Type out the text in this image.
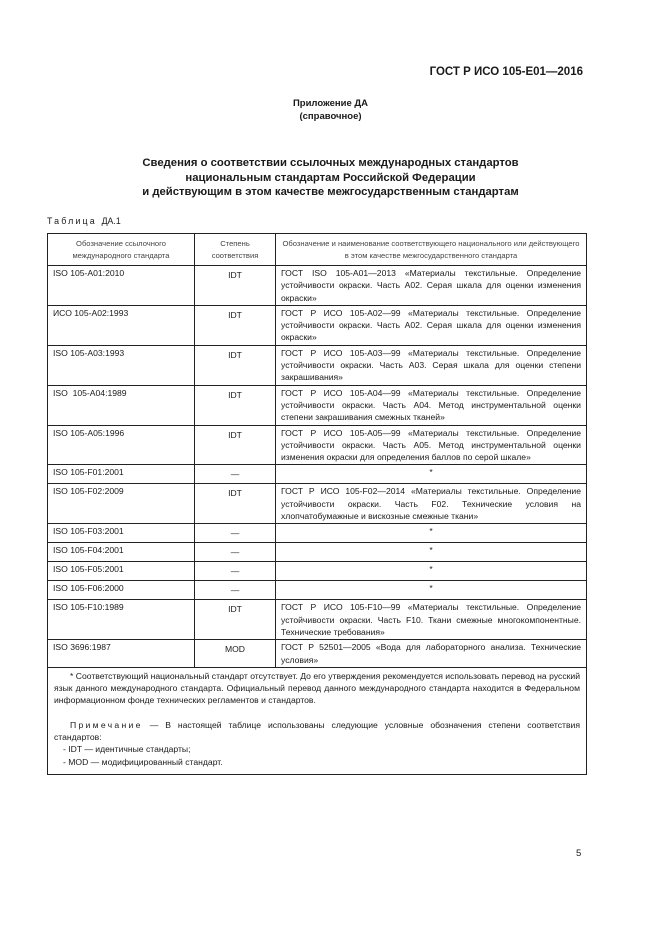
ГОСТ Р ИСО 105-E01—2016
Приложение ДА
(справочное)
Сведения о соответствии ссылочных международных стандартов
национальным стандартам Российской Федерации
и действующим в этом качестве межгосударственным стандартам
Таблица ДА.1
Обозначение ссылочного международного стандарта	Степень соответствия	Обозначение и наименование соответствующего национального или действующего в этом качестве межгосударственного стандарта
ISO 105-A01:2010	IDT	ГОСТ ISO 105-A01—2013 «Материалы текстильные. Определение устойчивости окраски. Часть A02. Серая шкала для оценки изменения окраски»
ИСО 105-A02:1993	IDT	ГОСТ Р ИСО 105-A02—99 «Материалы текстильные. Определение устойчивости окраски. Часть A02. Серая шкала для оценки изменения окраски»
ISO 105-A03:1993	IDT	ГОСТ Р ИСО 105-A03—99 «Материалы текстильные. Определение устойчивости окраски. Часть A03. Серая шкала для оценки степени закрашивания»
ISO  105-A04:1989	IDT	ГОСТ Р ИСО 105-A04—99 «Материалы текстильные. Определение устойчивости окраски. Часть A04. Метод инструментальной оценки степени закрашивания смежных тканей»
ISO 105-A05:1996	IDT	ГОСТ Р ИСО 105-A05—99 «Материалы текстильные. Определение устойчивости окраски. Часть A05. Метод инструментальной оценки изменения окраски для определения баллов по серой шкале»
ISO 105-F01:2001	—	*
ISO 105-F02:2009	IDT	ГОСТ Р ИСО 105-F02—2014 «Материалы текстильные. Определение устойчивости окраски. Часть F02. Технические условия на хлопчатобумажные и вискозные смежные ткани»
ISO 105-F03:2001	—	*
ISO 105-F04:2001	—	*
ISO 105-F05:2001	—	*
ISO 105-F06:2000	—	*
ISO 105-F10:1989	IDT	ГОСТ Р ИСО 105-F10—99 «Материалы текстильные. Определение устойчивости окраски. Часть F10. Ткани смежные многокомпонентные. Технические требования»
ISO 3696:1987	MOD	ГОСТ Р 52501—2005 «Вода для лабораторного анализа. Технические условия»

* Соответствующий национальный стандарт отсутствует. До его утверждения рекомендуется использовать перевод на русский язык данного международного стандарта. Официальный перевод данного международного стандарта находится в Федеральном информационном фонде технических регламентов и стандартов.

Примечание — В настоящей таблице использованы следующие условные обозначения степени соответствия стандартов:

- IDT — идентичные стандарты;
- MOD — модифицированный стандарт.		
5
